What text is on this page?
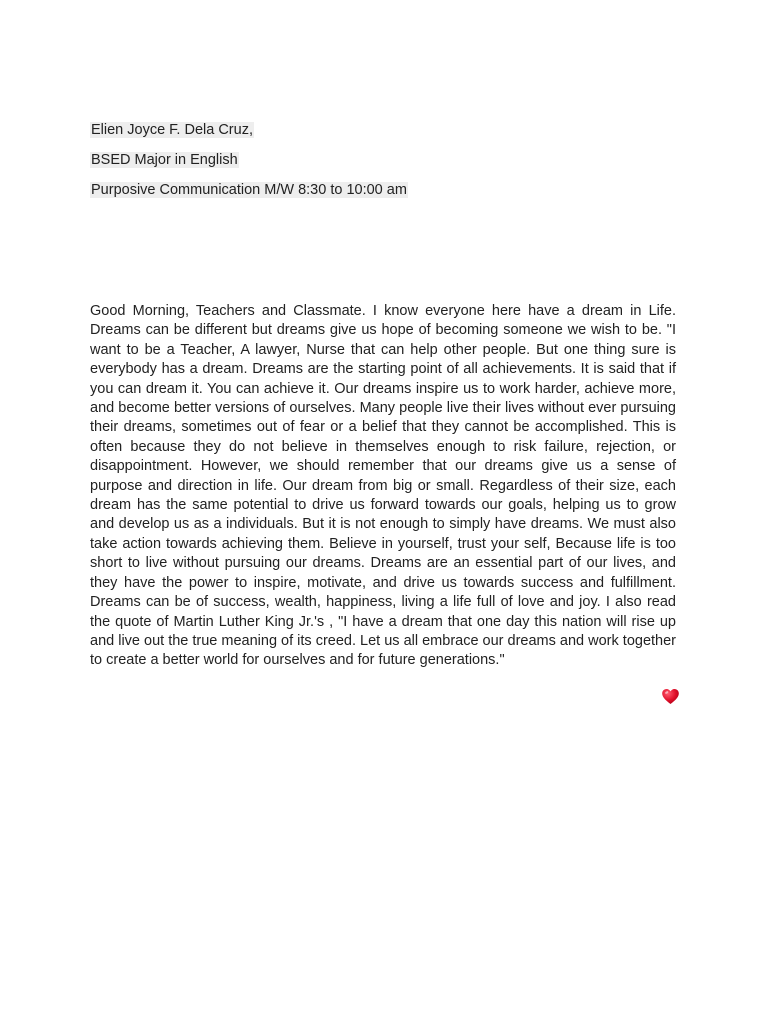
Elien Joyce F. Dela Cruz,
BSED Major in English
Purposive Communication M/W 8:30 to 10:00 am

Good Morning, Teachers and Classmate. I know everyone here have a dream in Life. Dreams can be different but dreams give us hope of becoming someone we wish to be. "I want to be a Teacher, A lawyer, Nurse that can help other people. But one thing sure is everybody has a dream. Dreams are the starting point of all achievements. It is said that if you can dream it. You can achieve it. Our dreams inspire us to work harder, achieve more, and become better versions of ourselves. Many people live their lives without ever pursuing their dreams, sometimes out of fear or a belief that they cannot be accomplished. This is often because they do not believe in themselves enough to risk failure, rejection, or disappointment. However, we should remember that our dreams give us a sense of purpose and direction in life. Our dream from big or small. Regardless of their size, each dream has the same potential to drive us forward towards our goals, helping us to grow and develop us as a individuals. But it is not enough to simply have dreams. We must also take action towards achieving them. Believe in yourself, trust your self, Because life is too short to live without pursuing our dreams. Dreams are an essential part of our lives, and they have the power to inspire, motivate, and drive us towards success and fulfillment. Dreams can be of success, wealth, happiness, living a life full of love and joy. I also read the quote of Martin Luther King Jr.'s , "I have a dream that one day this nation will rise up and live out the true meaning of its creed. Let us all embrace our dreams and work together to create a better world for ourselves and for future generations."
